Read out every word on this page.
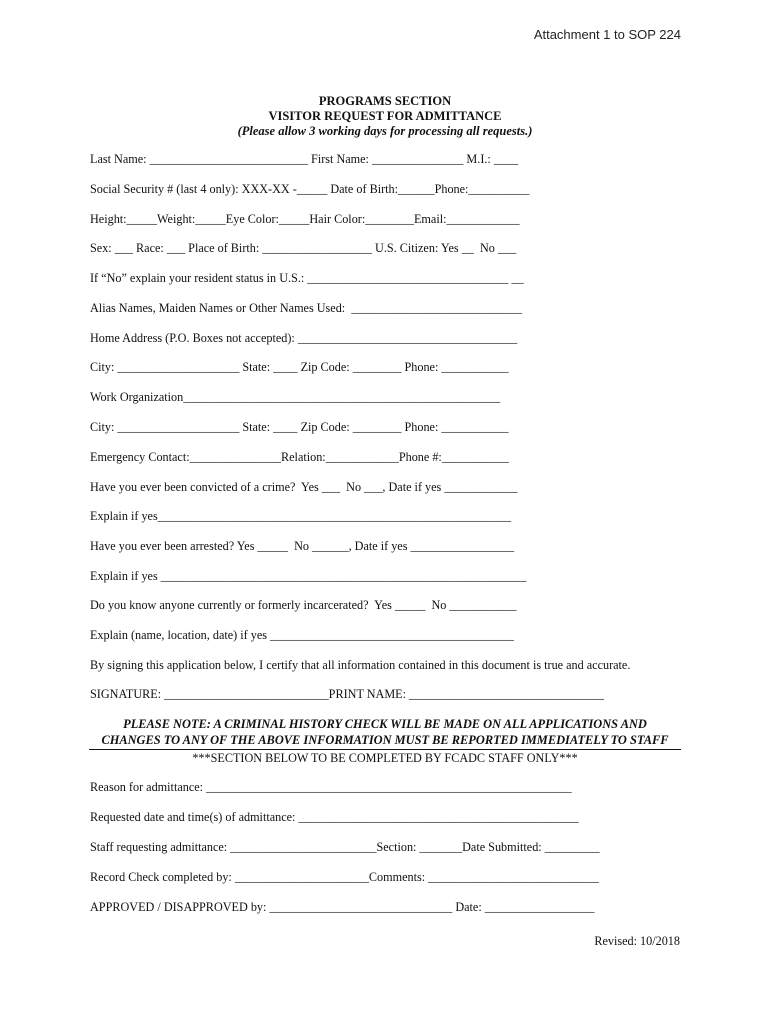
Attachment 1 to SOP 224
PROGRAMS SECTION
VISITOR REQUEST FOR ADMITTANCE
(Please allow 3 working days for processing all requests.)
Last Name: __________________________ First Name: _______________ M.I.: ____
Social Security # (last 4 only): XXX-XX -_____ Date of Birth:______Phone:__________
Height:_____Weight:_____Eye Color:_____Hair Color:________Email:____________
Sex: ___ Race: ___ Place of Birth: __________________ U.S. Citizen: Yes __  No ___
If “No” explain your resident status in U.S.: _________________________________ __
Alias Names, Maiden Names or Other Names Used:  ____________________________
Home Address (P.O. Boxes not accepted): ____________________________________
City: ____________________ State: ____ Zip Code: ________ Phone: ___________
Work Organization____________________________________________________
City: ____________________ State: ____ Zip Code: ________ Phone: ___________
Emergency Contact:_______________Relation:____________Phone #:___________
Have you ever been convicted of a crime?  Yes ___  No ___, Date if yes ____________
Explain if yes__________________________________________________________
Have you ever been arrested? Yes _____  No ______, Date if yes _________________
Explain if yes ____________________________________________________________
Do you know anyone currently or formerly incarcerated?  Yes _____  No ___________
Explain (name, location, date) if yes ________________________________________
By signing this application below, I certify that all information contained in this document is true and accurate.
SIGNATURE: ___________________________PRINT NAME: ________________________________
PLEASE NOTE: A CRIMINAL HISTORY CHECK WILL BE MADE ON ALL APPLICATIONS AND
CHANGES TO ANY OF THE ABOVE INFORMATION MUST BE REPORTED IMMEDIATELY TO STAFF
***SECTION BELOW TO BE COMPLETED BY FCADC STAFF ONLY***
Reason for admittance: ____________________________________________________________
Requested date and time(s) of admittance: ______________________________________________
Staff requesting admittance: ________________________Section: _______Date Submitted: _________
Record Check completed by: ______________________Comments: ____________________________
APPROVED / DISAPPROVED by: ______________________________ Date: __________________
Revised: 10/2018
